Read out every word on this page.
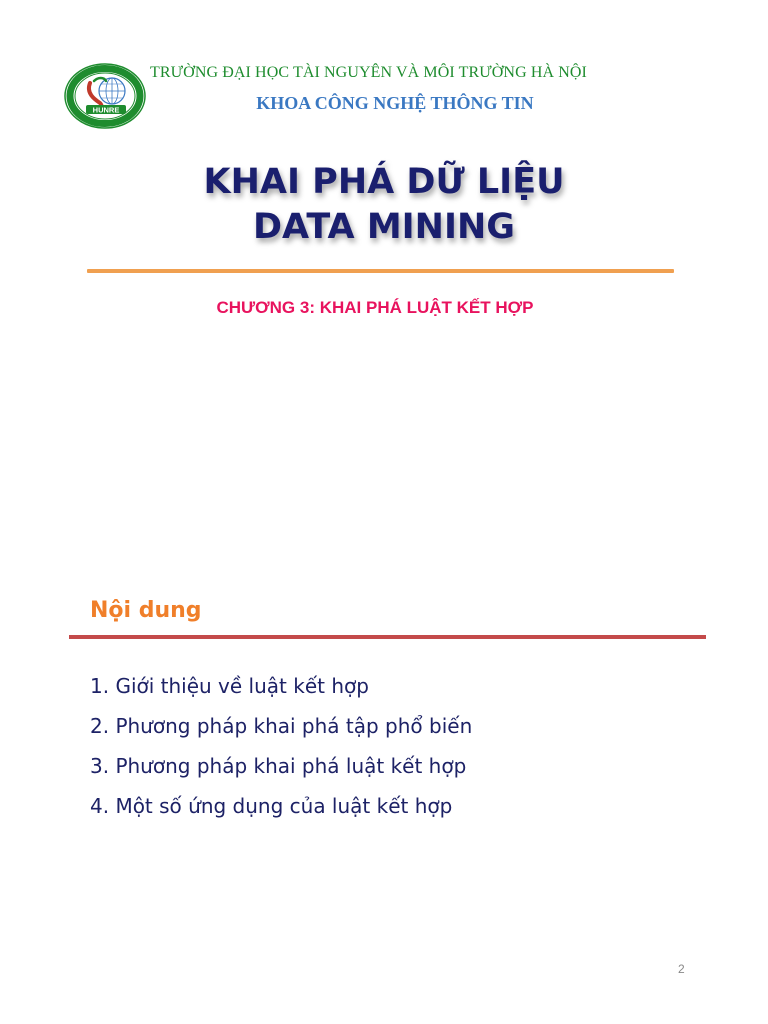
HUNRE
TRƯỜNG ĐẠI HỌC TÀI NGUYÊN VÀ MÔI TRƯỜNG HÀ NỘI
KHOA CÔNG NGHỆ THÔNG TIN
KHAI PHÁ DỮ LIỆU
DATA MINING
CHƯƠNG 3: KHAI PHÁ LUẬT KẾT HỢP
Nội dung
1. Giới thiệu về luật kết hợp
2. Phương pháp khai phá tập phổ biến
3. Phương pháp khai phá luật kết hợp
4. Một số ứng dụng của luật kết hợp
2
